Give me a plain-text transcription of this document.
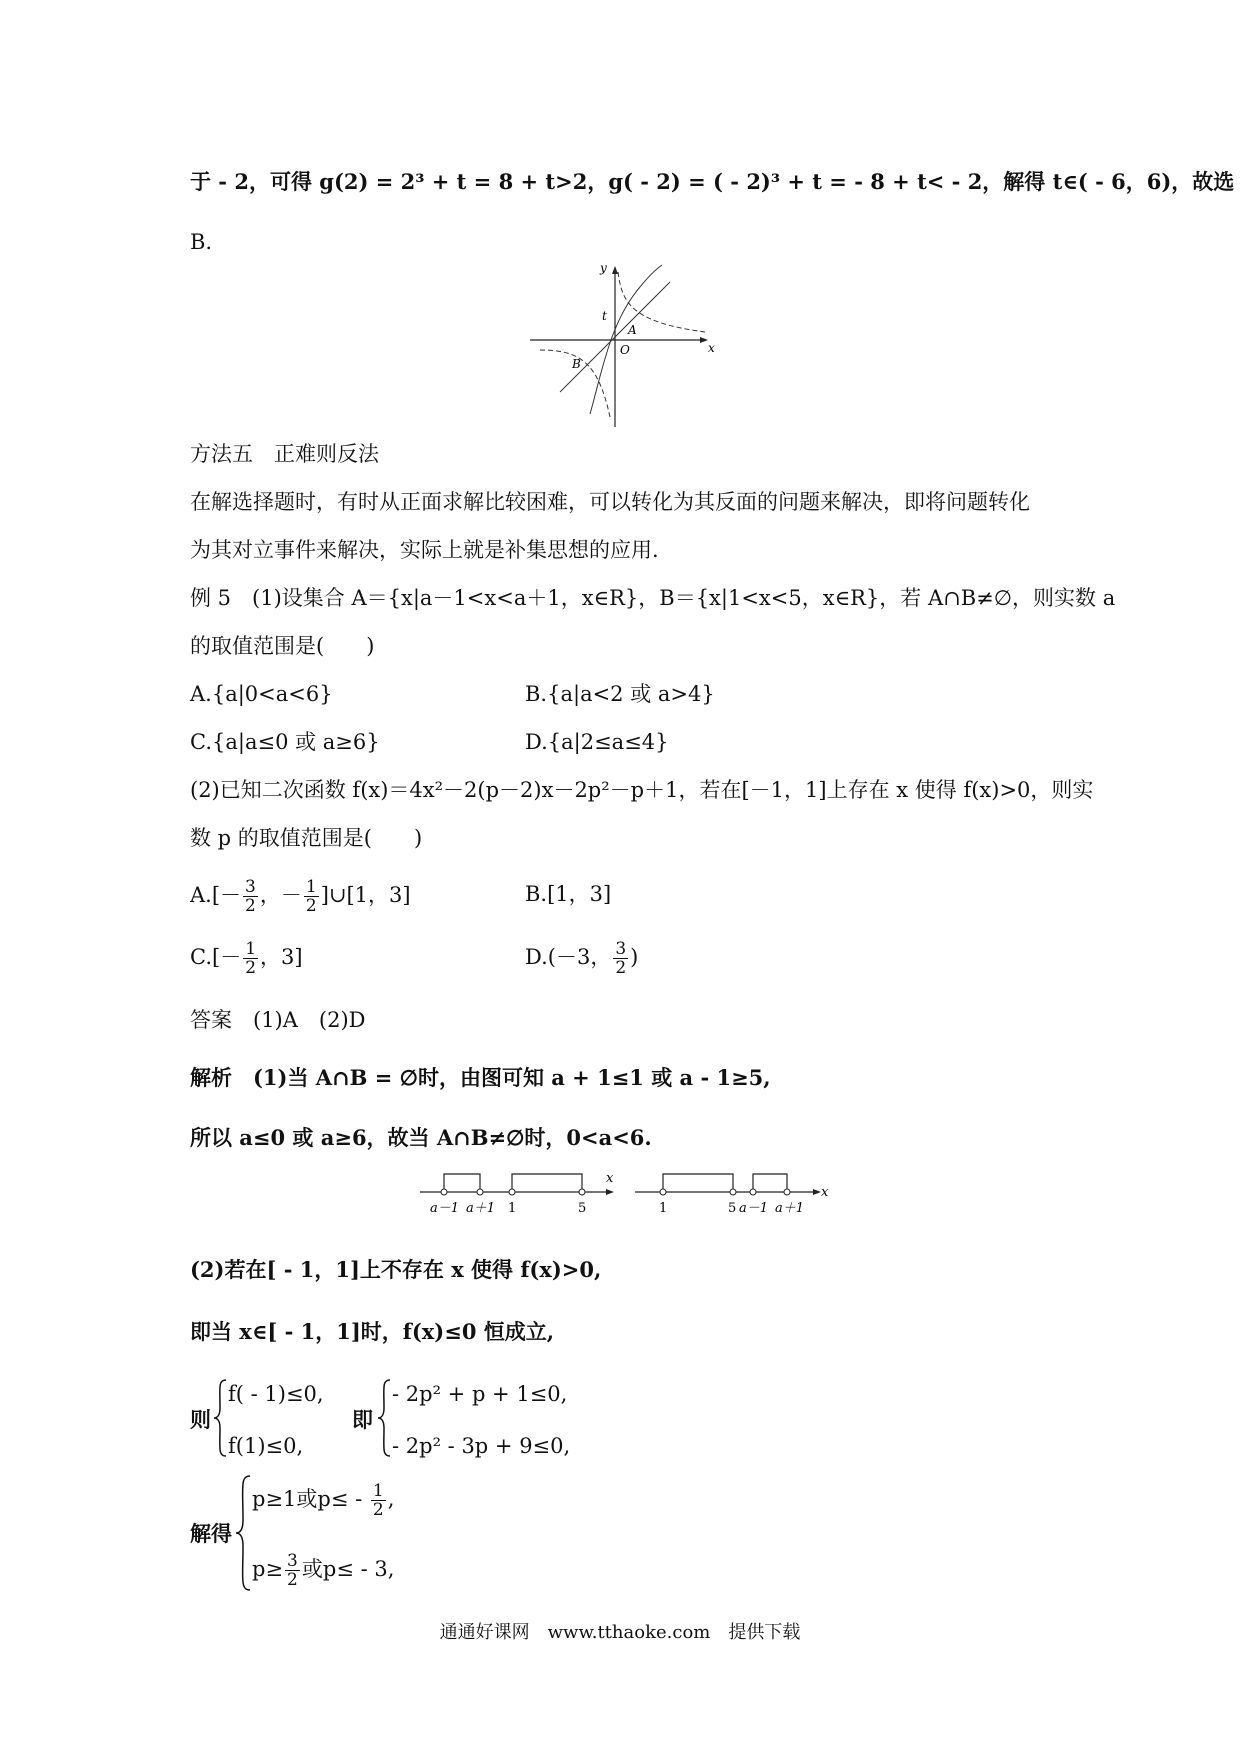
于 - 2，可得 g(2) = 2³ + t = 8 + t>2，g( - 2) = ( - 2)³ + t = - 8 + t< - 2，解得 t∈( - 6，6)，故选
B.
y
x
t
A
O
B
方法五　正难则反法
在解选择题时，有时从正面求解比较困难，可以转化为其反面的问题来解决，即将问题转化
为其对立事件来解决，实际上就是补集思想的应用.
例 5　(1)设集合 A＝{x|a－1<x<a＋1，x∈R}，B＝{x|1<x<5，x∈R}，若 A∩B≠∅，则实数 a
的取值范围是(　　)
A.{a|0<a<6}	B.{a|a<2 或 a>4}
C.{a|a≤0 或 a≥6}	D.{a|2≤a≤4}
(2)已知二次函数 f(x)＝4x²－2(p－2)x－2p²－p＋1，若在[－1，1]上存在 x 使得 f(x)>0，则实
数 p 的取值范围是(　　)
$A.[- \frac{3}{2}$ ，－ $\frac{1}{2}$ ]∪[1，3]	B.[1，3]
$C.[- \frac{1}{2}$ ，3]	D.(－3， $\frac{3}{2}$ )
答案　(1)A　(2)D
解析　(1)当 A∩B = ∅时，由图可知 a + 1≤1 或 a - 1≥5,
所以 a≤0 或 a≥6，故当 A∩B≠∅时，0<a<6.
a－1 a＋1 1	5
x
1	5 a－1 a＋1
x
(2)若在[ - 1，1]上不存在 x 使得 f(x)>0,
即当 x∈[ - 1，1]时，f(x)≤0 恒成立,
则
f( - 1)≤0,
f(1)≤0,
即
- 2p² + p + 1≤0,
- 2p² - 3p + 9≤0,
解得
p≥1或$p\le - \frac{1}{2}$ ,
$p\ge \frac{3}{2}$ 或p≤ - 3,
通通好课网　www.tthaoke.com　提供下载
